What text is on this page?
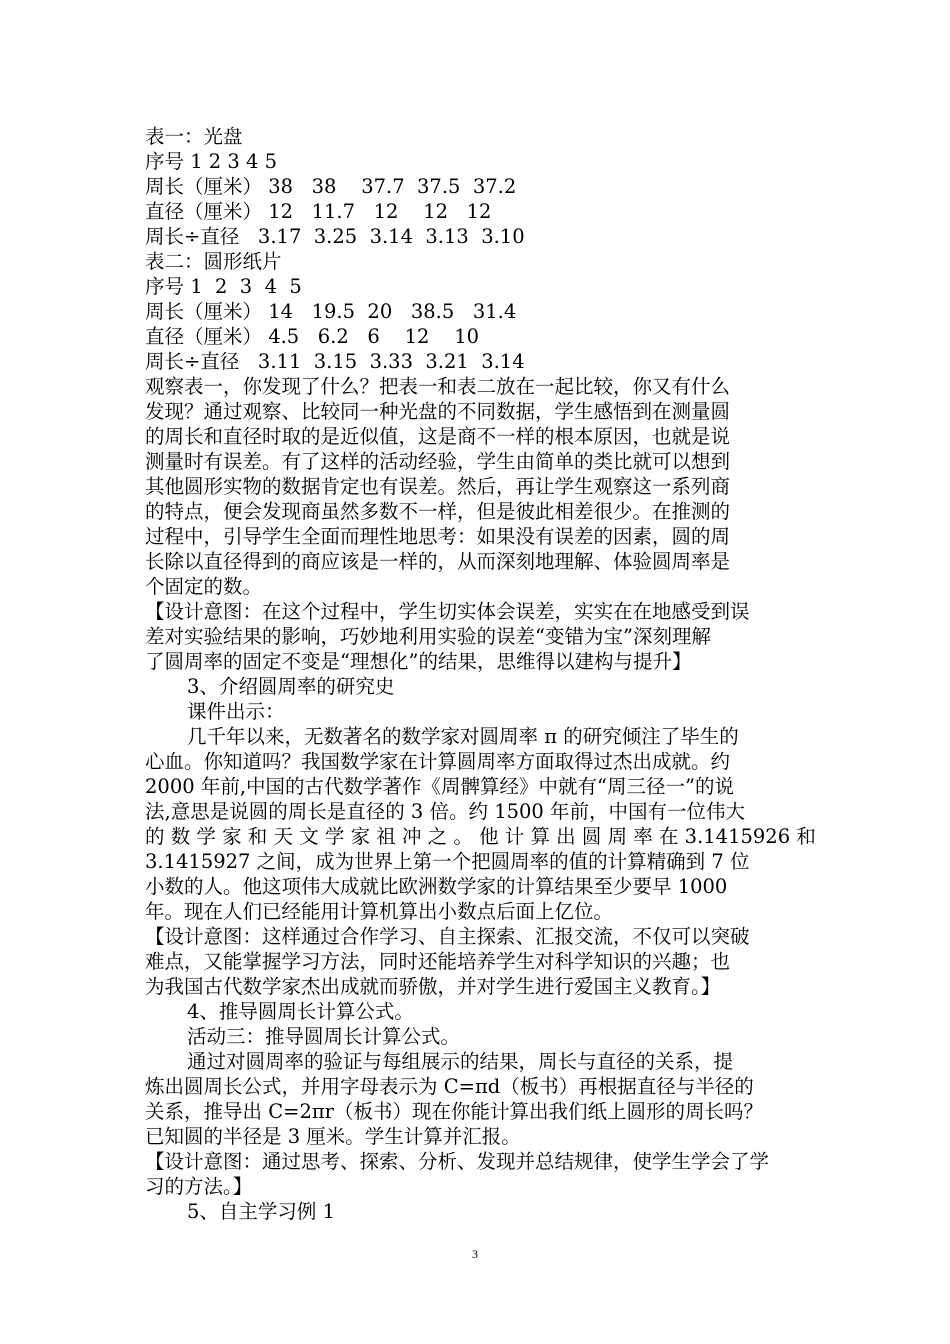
表一：光盘
序号 1 2 3 4 5
周长（厘米） 38   38    37.7  37.5  37.2
直径（厘米） 12   11.7   12    12   12
周长÷直径   3.17  3.25  3.14  3.13  3.10
表二：圆形纸片
序号 1  2  3  4  5
周长（厘米） 14   19.5  20   38.5   31.4
直径（厘米） 4.5   6.2   6    12    10
周长÷直径   3.11  3.15  3.33  3.21  3.14
观察表一，你发现了什么？把表一和表二放在一起比较，你又有什么
发现？通过观察、比较同一种光盘的不同数据，学生感悟到在测量圆
的周长和直径时取的是近似值，这是商不一样的根本原因，也就是说
测量时有误差。有了这样的活动经验，学生由简单的类比就可以想到
其他圆形实物的数据肯定也有误差。然后，再让学生观察这一系列商
的特点，便会发现商虽然多数不一样，但是彼此相差很少。在推测的
过程中，引导学生全面而理性地思考：如果没有误差的因素，圆的周
长除以直径得到的商应该是一样的，从而深刻地理解、体验圆周率是
个固定的数。
【设计意图：在这个过程中，学生切实体会误差，实实在在地感受到误
差对实验结果的影响，巧妙地利用实验的误差“变错为宝”深刻理解
了圆周率的固定不变是“理想化”的结果，思维得以建构与提升】
3、介绍圆周率的研究史
课件出示：
几千年以来，无数著名的数学家对圆周率 π 的研究倾注了毕生的
心血。你知道吗？我国数学家在计算圆周率方面取得过杰出成就。约
2000 年前,中国的古代数学著作《周髀算经》中就有“周三径一”的说
法,意思是说圆的周长是直径的 3 倍。约 1500 年前，中国有一位伟大
的 数 学 家 和 天 文 学 家 祖 冲 之 。 他 计 算 出 圆 周 率 在 3.1415926 和
3.1415927 之间，成为世界上第一个把圆周率的值的计算精确到 7 位
小数的人。他这项伟大成就比欧洲数学家的计算结果至少要早 1000
年。现在人们已经能用计算机算出小数点后面上亿位。
【设计意图：这样通过合作学习、自主探索、汇报交流，不仅可以突破
难点，又能掌握学习方法，同时还能培养学生对科学知识的兴趣；也
为我国古代数学家杰出成就而骄傲，并对学生进行爱国主义教育。】
4、推导圆周长计算公式。
活动三：推导圆周长计算公式。
通过对圆周率的验证与每组展示的结果，周长与直径的关系，提
炼出圆周长公式，并用字母表示为 C=πd（板书）再根据直径与半径的
关系，推导出 C=2πr（板书）现在你能计算出我们纸上圆形的周长吗？
已知圆的半径是 3 厘米。学生计算并汇报。
【设计意图：通过思考、探索、分析、发现并总结规律，使学生学会了学
习的方法。】
5、自主学习例 1
3
